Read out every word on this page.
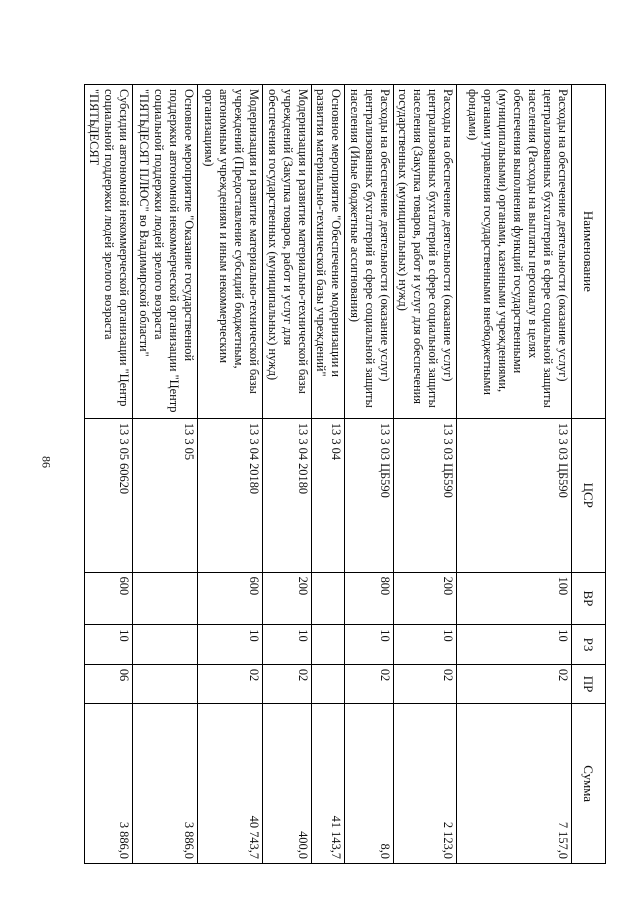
86
Наименование	ЦСР	ВР	РЗ	ПР	Сумма
Расходы на обеспечение деятельности (оказание услуг) централизованных бухгалтерий в сфере социальной защиты населения (Расходы на выплаты персоналу в целях обеспечения выполнения функций государственными (муниципальными) органами, казенными учреждениями, органами управления государственными внебюджетными фондами)	13 3 03 ЦБ590	100	10	02	7 157,0
Расходы на обеспечение деятельности (оказание услуг) централизованных бухгалтерий в сфере социальной защиты населения (Закупка товаров, работ и услуг для обеспечения государственных (муниципальных) нужд)	13 3 03 ЦБ590	200	10	02	2 123,0
Расходы на обеспечение деятельности (оказание услуг) централизованных бухгалтерий в сфере социальной защиты населения (Иные бюджетные ассигнования)	13 3 03 ЦБ590	800	10	02	8,0
Основное мероприятие "Обеспечение модернизации и развития материально-технической базы учреждений"	13 3 04				41 143,7
Модернизация и развитие материально-технической базы учреждений (Закупка товаров, работ и услуг для обеспечения государственных (муниципальных) нужд)	13 3 04 20180	200	10	02	400,0
Модернизация и развитие материально-технической базы учреждений (Предоставление субсидий бюджетным, автономным учреждениям и иным некоммерческим организациям)	13 3 04 20180	600	10	02	40 743,7
Основное мероприятие "Оказание государственной поддержки автономной некоммерческой организации "Центр социальной поддержки людей зрелого возраста "ПЯТЬДЕСЯТ ПЛЮС" во Владимирской области"	13 3 05				3 886,0
Субсидии автономной некоммерческой организации "Центр социальной поддержки людей зрелого возраста "ПЯТЬДЕСЯТ	13 3 05 60620	600	10	06	3 886,0
